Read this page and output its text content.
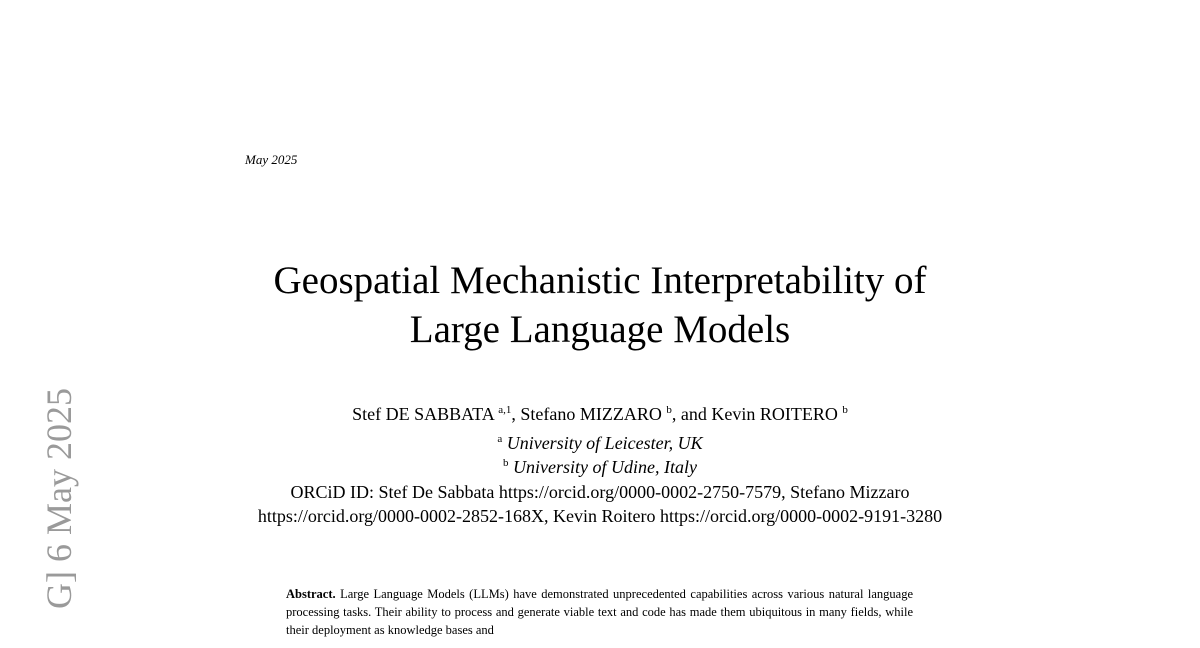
May 2025
Geospatial Mechanistic Interpretability of
Large Language Models
Stef DE SABBATA $^{a,1}$, Stefano MIZZARO $^b$, and Kevin ROITERO $^b$
$^a$ University of Leicester, UK
$^b$ University of Udine, Italy
ORCiD ID: Stef De Sabbata https://orcid.org/0000-0002-2750-7579, Stefano Mizzaro https://orcid.org/0000-0002-2852-168X, Kevin Roitero https://orcid.org/0000-0002-9191-3280
Abstract. Large Language Models (LLMs) have demonstrated unprecedented capabilities across various natural language processing tasks. Their ability to process and generate viable text and code has made them ubiquitous in many fields, while their deployment as knowledge bases and
G] 6 May 2025
